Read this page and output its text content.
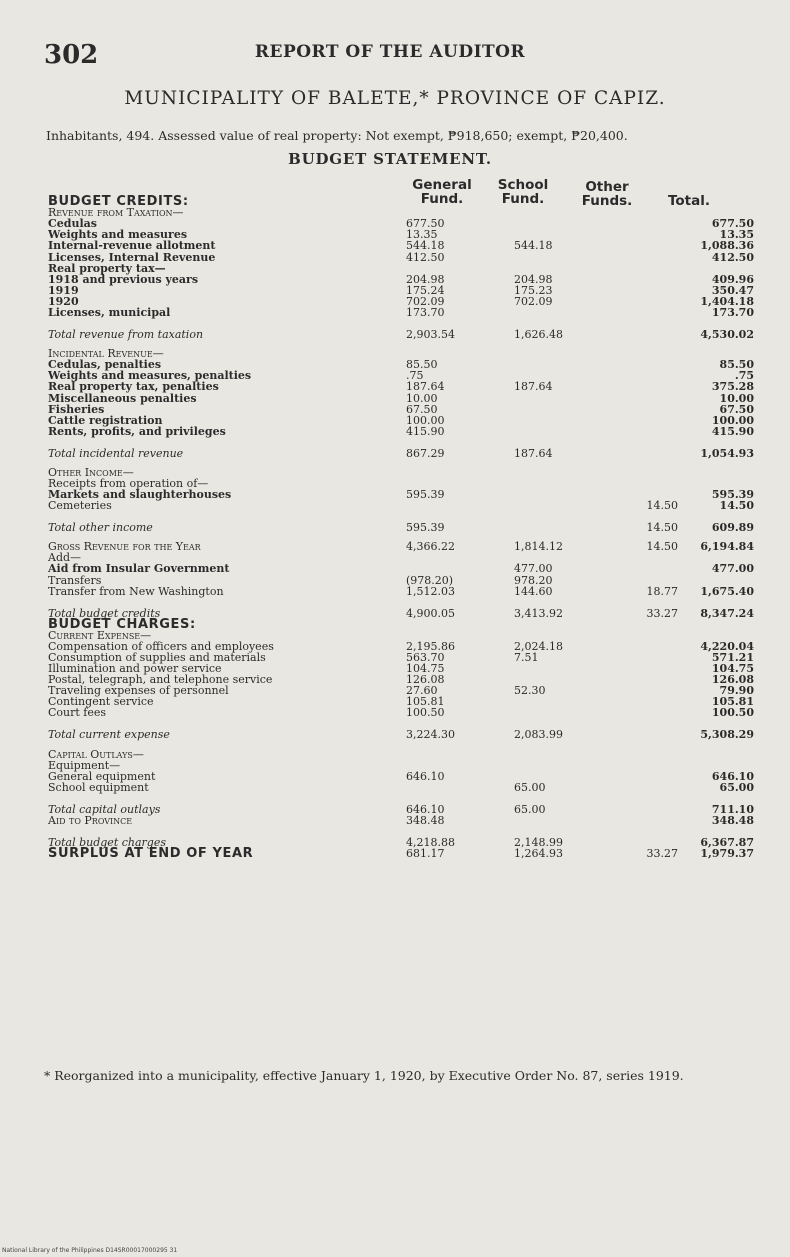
302	REPORT OF THE AUDITOR
MUNICIPALITY OF BALETE,* PROVINCE OF CAPIZ.
Inhabitants, 494. Assessed value of real property: Not exempt, ₱918,650; exempt, ₱20,400.
BUDGET STATEMENT.
General
Fund.
School
Fund.
Other
Funds.	Total.
BUDGET CREDITS:				
Revenue from Taxation—				
Cedulas	677.50			677.50
Weights and measures	13.35			13.35
Internal-revenue allotment	544.18	544.18		1,088.36
Licenses, Internal Revenue	412.50			412.50
Real property tax—				
1918 and previous years	204.98	204.98		409.96
1919	175.24	175.23		350.47
1920	702.09	702.09		1,404.18
Licenses, municipal	173.70			173.70
Total revenue from taxation	2,903.54	1,626.48		4,530.02

Incidental Revenue—				
Cedulas, penalties	85.50			85.50
Weights and measures, penalties	.75			.75
Real property tax, penalties	187.64	187.64		375.28
Miscellaneous penalties	10.00			10.00
Fisheries	67.50			67.50
Cattle registration	100.00			100.00
Rents, profits, and privileges	415.90			415.90
Total incidental revenue	867.29	187.64		1,054.93

Other Income—				
Receipts from operation of—				
Markets and slaughterhouses	595.39			595.39
Cemeteries			14.50	14.50
Total other income	595.39		14.50	609.89

Gross Revenue for the Year	4,366.22	1,814.12	14.50	6,194.84
Add—				
Aid from Insular Government		477.00		477.00
Transfers	(978.20)	978.20		
Transfer from New Washington	1,512.03	144.60	18.77	1,675.40
Total budget credits	4,900.05	3,413.92	33.27	8,347.24
BUDGET CHARGES:				
Current Expense—				
Compensation of officers and employees	2,195.86	2,024.18		4,220.04
Consumption of supplies and materials	563.70	7.51		571.21
Illumination and power service	104.75			104.75
Postal, telegraph, and telephone service	126.08			126.08
Traveling expenses of personnel	27.60	52.30		79.90
Contingent service	105.81			105.81
Court fees	100.50			100.50
Total current expense	3,224.30	2,083.99		5,308.29

Capital Outlays—				
Equipment—				
General equipment	646.10			646.10
School equipment		65.00		65.00
Total capital outlays	646.10	65.00		711.10
Aid to Province	348.48			348.48
Total budget charges	4,218.88	2,148.99		6,367.87
SURPLUS AT END OF YEAR	681.17	1,264.93	33.27	1,979.37
* Reorganized into a municipality, effective January 1, 1920, by Executive Order No. 87, series 1919.
National Library of the Philippines D14SR00017000295 31
